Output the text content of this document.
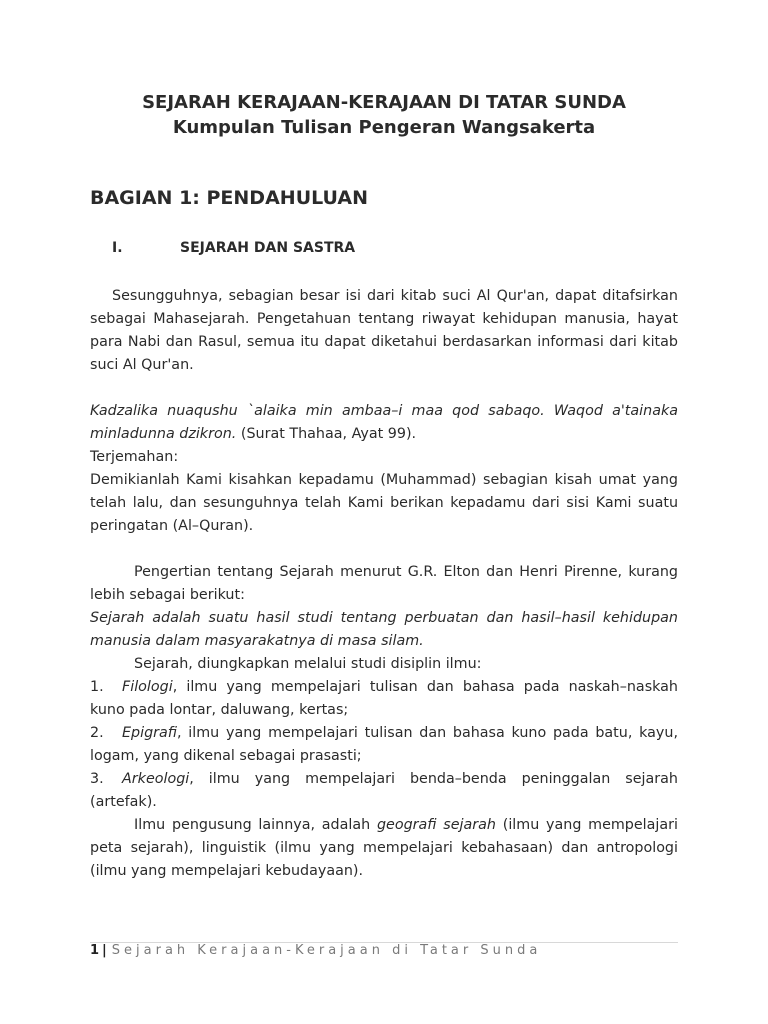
SEJARAH KERAJAAN-KERAJAAN DI TATAR SUNDA
Kumpulan Tulisan Pengeran Wangsakerta
BAGIAN 1: PENDAHULUAN
I.	SEJARAH DAN SASTRA

Sesungguhnya, sebagian besar isi dari kitab suci Al Qur'an, dapat ditafsirkan sebagai Mahasejarah. Pengetahuan tentang riwayat kehidupan manusia, hayat para Nabi dan Rasul, semua itu dapat diketahui berdasarkan informasi dari kitab suci Al Qur'an.

Kadzalika nuaqushu `alaika min ambaa–i maa qod sabaqo. Waqod a'tainaka minladunna dzikron. (Surat Thahaa, Ayat 99).

Terjemahan:

Demikianlah Kami kisahkan kepadamu (Muhammad) sebagian kisah umat yang telah lalu, dan sesunguhnya telah Kami berikan kepadamu dari sisi Kami suatu peringatan (Al–Quran).

Pengertian tentang Sejarah menurut G.R. Elton dan Henri Pirenne, kurang lebih sebagai berikut:

Sejarah adalah suatu hasil studi tentang perbuatan dan hasil–hasil kehidupan manusia dalam masyarakatnya di masa silam.

Sejarah, diungkapkan melalui studi disiplin ilmu:

1. Filologi, ilmu yang mempelajari tulisan dan bahasa pada naskah–naskah kuno pada lontar, daluwang, kertas;

2. Epigrafi, ilmu yang mempelajari tulisan dan bahasa kuno pada batu, kayu, logam, yang dikenal sebagai prasasti;

3. Arkeologi, ilmu yang mempelajari benda–benda peninggalan sejarah (artefak).

Ilmu pengusung lainnya, adalah geografi sejarah (ilmu yang mempelajari peta sejarah), linguistik (ilmu yang mempelajari kebahasaan) dan antropologi (ilmu yang mempelajari kebudayaan).

1 | Sejarah Kerajaan-Kerajaan di Tatar Sunda
